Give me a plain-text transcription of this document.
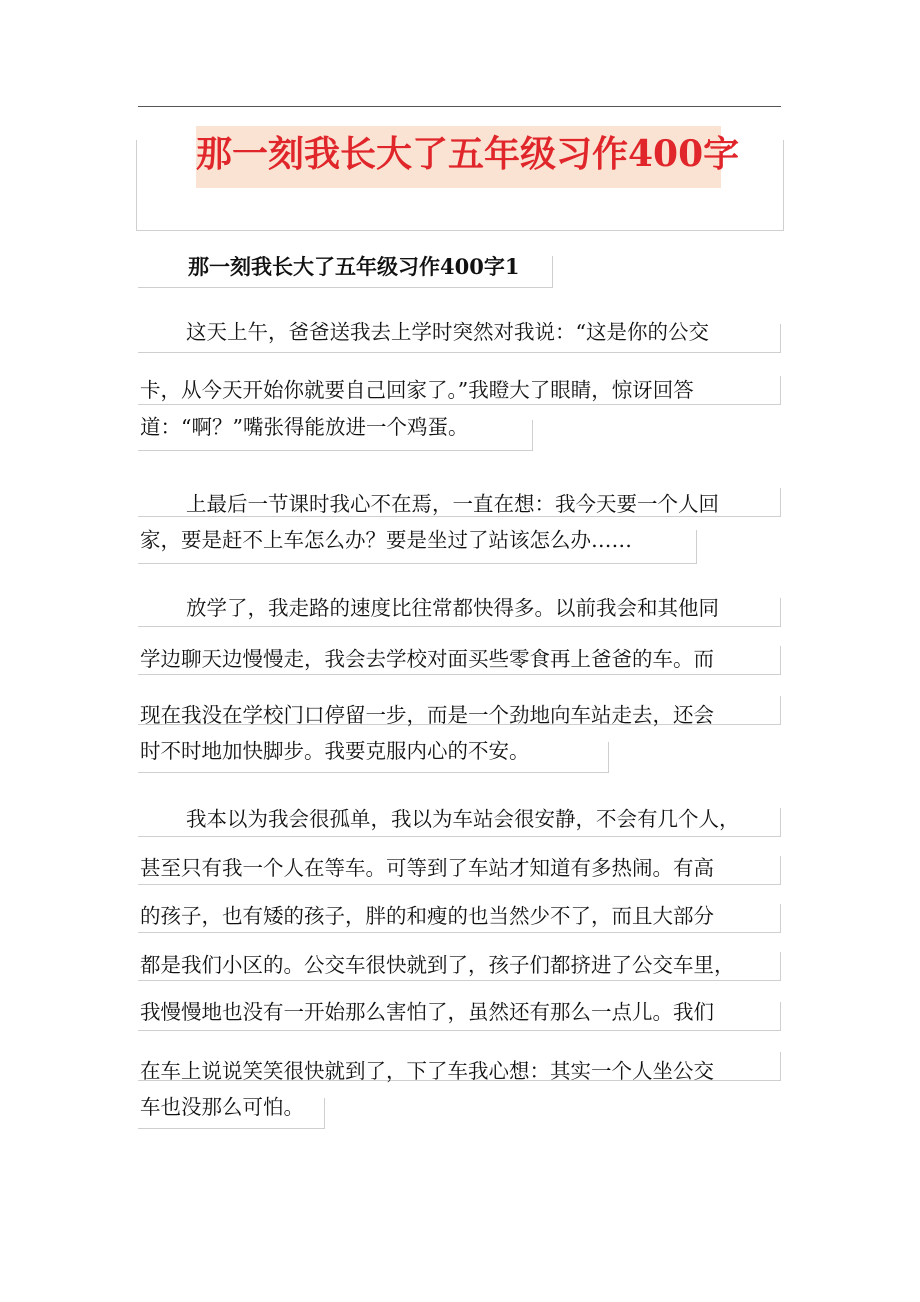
那一刻我长大了五年级习作400字
那一刻我长大了五年级习作400字1
这天上午，爸爸送我去上学时突然对我说：“这是你的公交
卡，从今天开始你就要自己回家了。”我瞪大了眼睛，惊讶回答
道：“啊？”嘴张得能放进一个鸡蛋。
上最后一节课时我心不在焉，一直在想：我今天要一个人回
家，要是赶不上车怎么办？要是坐过了站该怎么办……
放学了，我走路的速度比往常都快得多。以前我会和其他同
学边聊天边慢慢走，我会去学校对面买些零食再上爸爸的车。而
现在我没在学校门口停留一步，而是一个劲地向车站走去，还会
时不时地加快脚步。我要克服内心的不安。
我本以为我会很孤单，我以为车站会很安静，不会有几个人，
甚至只有我一个人在等车。可等到了车站才知道有多热闹。有高
的孩子，也有矮的孩子，胖的和瘦的也当然少不了，而且大部分
都是我们小区的。公交车很快就到了，孩子们都挤进了公交车里，
我慢慢地也没有一开始那么害怕了，虽然还有那么一点儿。我们
在车上说说笑笑很快就到了，下了车我心想：其实一个人坐公交
车也没那么可怕。
